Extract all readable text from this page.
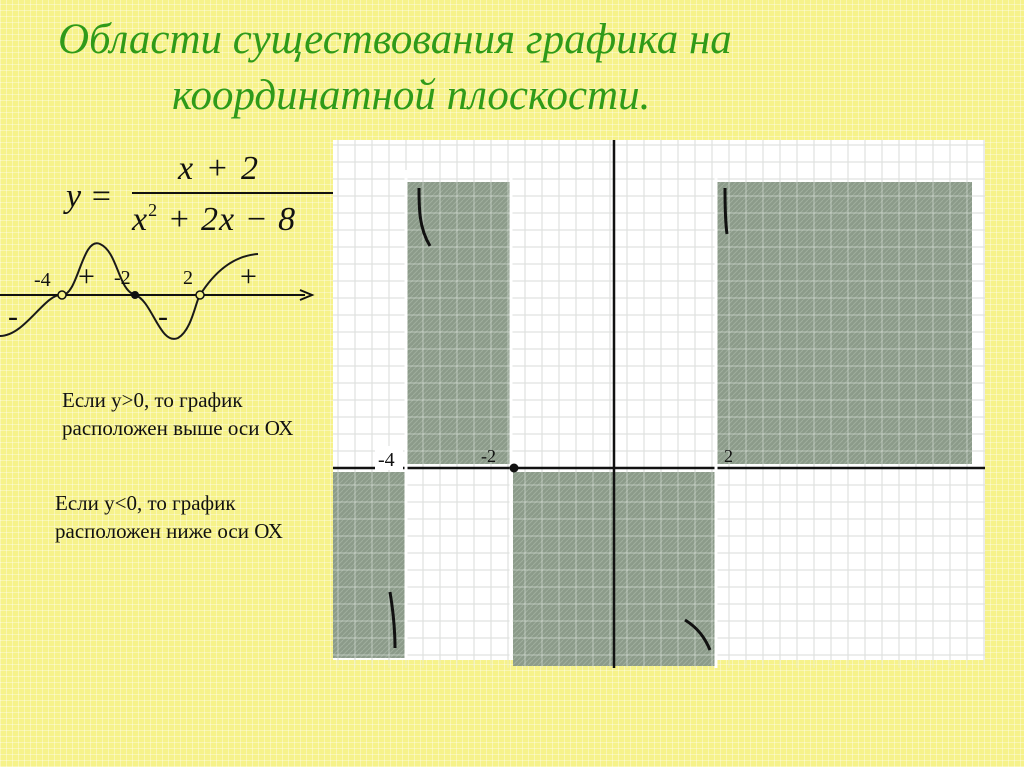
Области существования графика на
координатной плоскости.
y =
x + 2
$x^2 + 2x - 8$
-4	-2	2
-
+
-
+

Если y>0, то график расположен выше оси ОХ

Если y<0, то график расположен ниже оси ОХ

-4	-2	2
